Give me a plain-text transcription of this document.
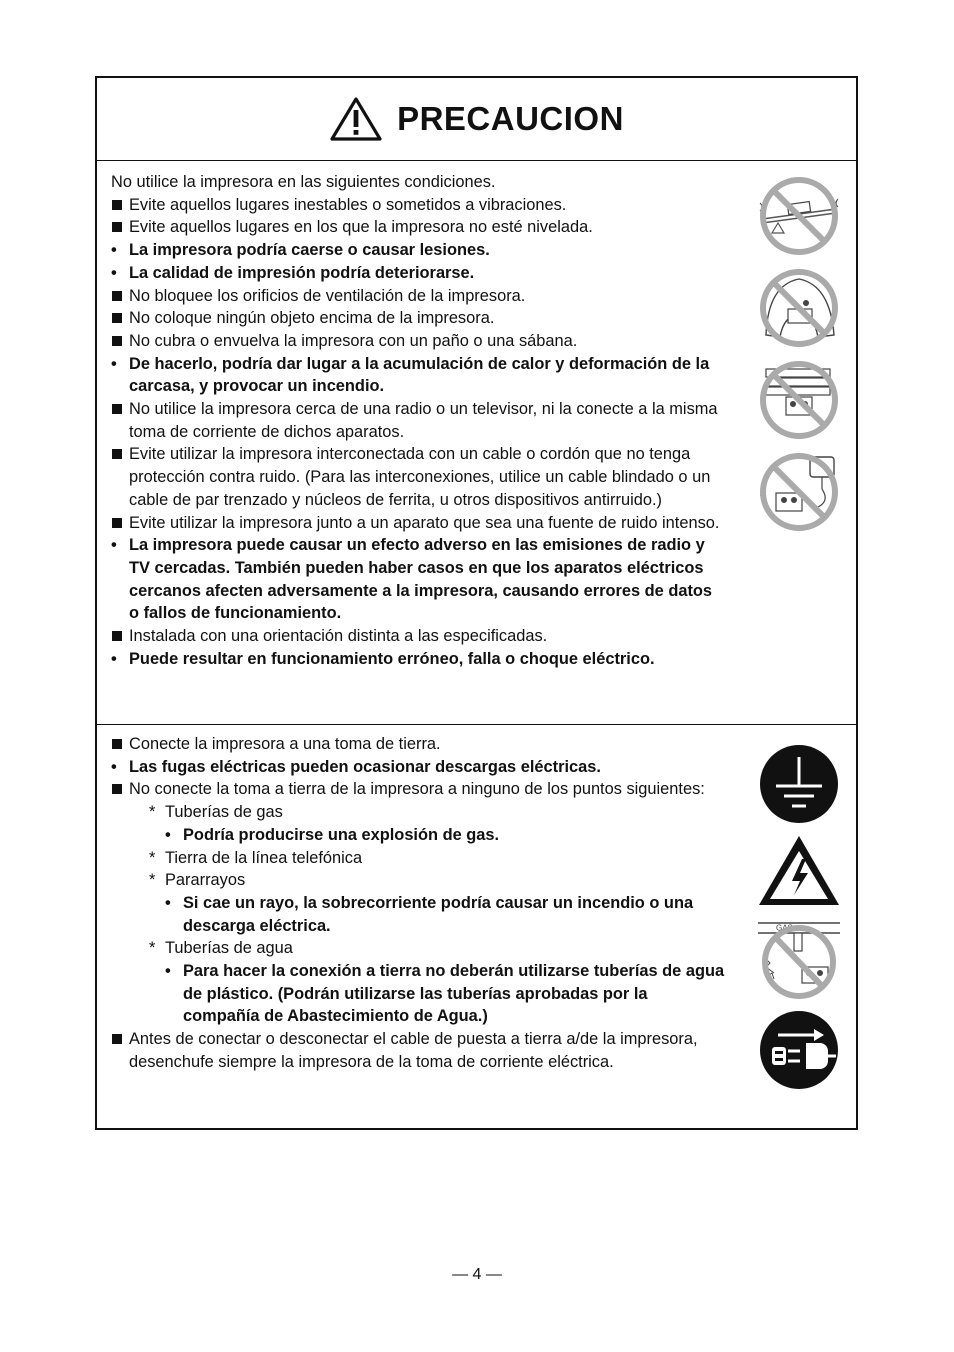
PRECAUCION
No utilice la impresora en las siguientes condiciones.
Evite aquellos lugares inestables o sometidos a vibraciones.
Evite aquellos lugares en los que la impresora no esté nivelada.
• La impresora podría caerse o causar lesiones.
• La calidad de impresión podría deteriorarse.
No bloquee los orificios de ventilación de la impresora.
No coloque ningún objeto encima de la impresora.
No cubra o envuelva la impresora con un paño o una sábana.
• De hacerlo, podría dar lugar a la acumulación de calor y deformación de la carcasa, y provocar un incendio.
No utilice la impresora cerca de una radio o un televisor, ni la conecte a la misma toma de corriente de dichos aparatos.
Evite utilizar la impresora interconectada con un cable o cordón que no tenga protección contra ruido. (Para las interconexiones, utilice un cable blindado o un cable de par trenzado y núcleos de ferrita, u otros dispositivos antirruido.)
Evite utilizar la impresora junto a un aparato que sea una fuente de ruido intenso.
• La impresora puede causar un efecto adverso en las emisiones de radio y TV cercadas. También pueden haber casos en que los aparatos eléctricos cercanos afecten adversamente a la impresora, causando errores de datos o fallos de funcionamiento.
Instalada con una orientación distinta a las especificadas.
• Puede resultar en funcionamiento erróneo, falla o choque eléctrico.
Conecte la impresora a una toma de tierra.
• Las fugas eléctricas pueden ocasionar descargas eléctricas.
No conecte la toma a tierra de la impresora a ninguno de los puntos siguientes:
* Tuberías de gas
• Podría producirse una explosión de gas.
* Tierra de la línea telefónica
* Pararrayos
• Si cae un rayo, la sobrecorriente podría causar un incendio o una descarga eléctrica.
* Tuberías de agua
• Para hacer la conexión a tierra no deberán utilizarse tuberías de agua de plástico. (Podrán utilizarse las tuberías aprobadas por la compañía de Abastecimiento de Agua.)
Antes de conectar o desconectar el cable de puesta a tierra a/de la impresora, desenchufe siempre la impresora de la toma de corriente eléctrica.
GAS
— 4 —
